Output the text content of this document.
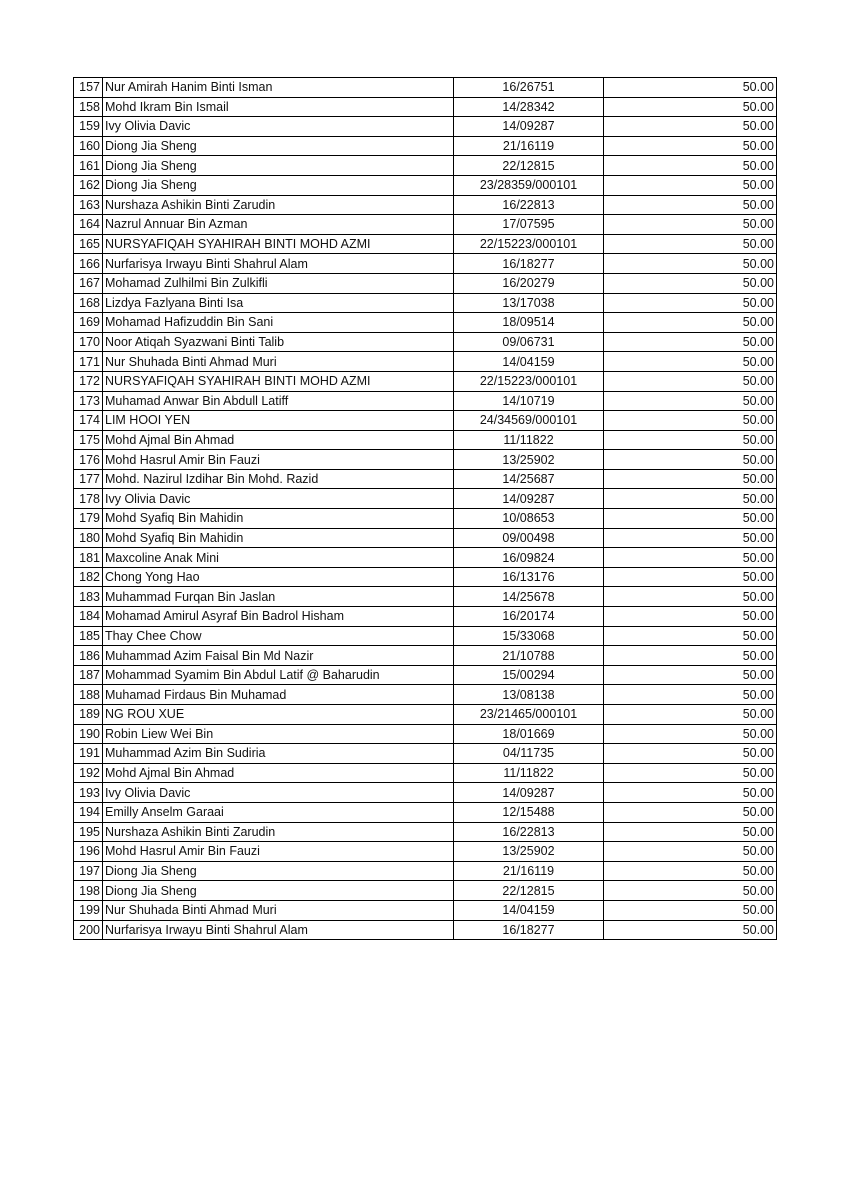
157	Nur Amirah Hanim Binti Isman	16/26751	50.00
158	Mohd Ikram Bin Ismail	14/28342	50.00
159	Ivy Olivia Davic	14/09287	50.00
160	Diong Jia Sheng	21/16119	50.00
161	Diong Jia Sheng	22/12815	50.00
162	Diong Jia Sheng	23/28359/000101	50.00
163	Nurshaza Ashikin Binti Zarudin	16/22813	50.00
164	Nazrul Annuar Bin Azman	17/07595	50.00
165	NURSYAFIQAH SYAHIRAH BINTI MOHD AZMI	22/15223/000101	50.00
166	Nurfarisya Irwayu Binti Shahrul Alam	16/18277	50.00
167	Mohamad Zulhilmi Bin Zulkifli	16/20279	50.00
168	Lizdya Fazlyana Binti Isa	13/17038	50.00
169	Mohamad Hafizuddin Bin Sani	18/09514	50.00
170	Noor Atiqah Syazwani Binti Talib	09/06731	50.00
171	Nur Shuhada Binti Ahmad Muri	14/04159	50.00
172	NURSYAFIQAH SYAHIRAH BINTI MOHD AZMI	22/15223/000101	50.00
173	Muhamad Anwar Bin Abdull Latiff	14/10719	50.00
174	LIM HOOI YEN	24/34569/000101	50.00
175	Mohd Ajmal Bin Ahmad	11/11822	50.00
176	Mohd Hasrul Amir Bin Fauzi	13/25902	50.00
177	Mohd. Nazirul Izdihar Bin Mohd. Razid	14/25687	50.00
178	Ivy Olivia Davic	14/09287	50.00
179	Mohd Syafiq Bin Mahidin	10/08653	50.00
180	Mohd Syafiq Bin Mahidin	09/00498	50.00
181	Maxcoline Anak Mini	16/09824	50.00
182	Chong Yong Hao	16/13176	50.00
183	Muhammad Furqan Bin Jaslan	14/25678	50.00
184	Mohamad Amirul Asyraf Bin Badrol Hisham	16/20174	50.00
185	Thay Chee Chow	15/33068	50.00
186	Muhammad Azim Faisal Bin Md Nazir	21/10788	50.00
187	Mohammad Syamim Bin Abdul Latif @ Baharudin	15/00294	50.00
188	Muhamad Firdaus Bin Muhamad	13/08138	50.00
189	NG ROU XUE	23/21465/000101	50.00
190	Robin Liew Wei Bin	18/01669	50.00
191	Muhammad Azim Bin Sudiria	04/11735	50.00
192	Mohd Ajmal Bin Ahmad	11/11822	50.00
193	Ivy Olivia Davic	14/09287	50.00
194	Emilly Anselm Garaai	12/15488	50.00
195	Nurshaza Ashikin Binti Zarudin	16/22813	50.00
196	Mohd Hasrul Amir Bin Fauzi	13/25902	50.00
197	Diong Jia Sheng	21/16119	50.00
198	Diong Jia Sheng	22/12815	50.00
199	Nur Shuhada Binti Ahmad Muri	14/04159	50.00
200	Nurfarisya Irwayu Binti Shahrul Alam	16/18277	50.00
